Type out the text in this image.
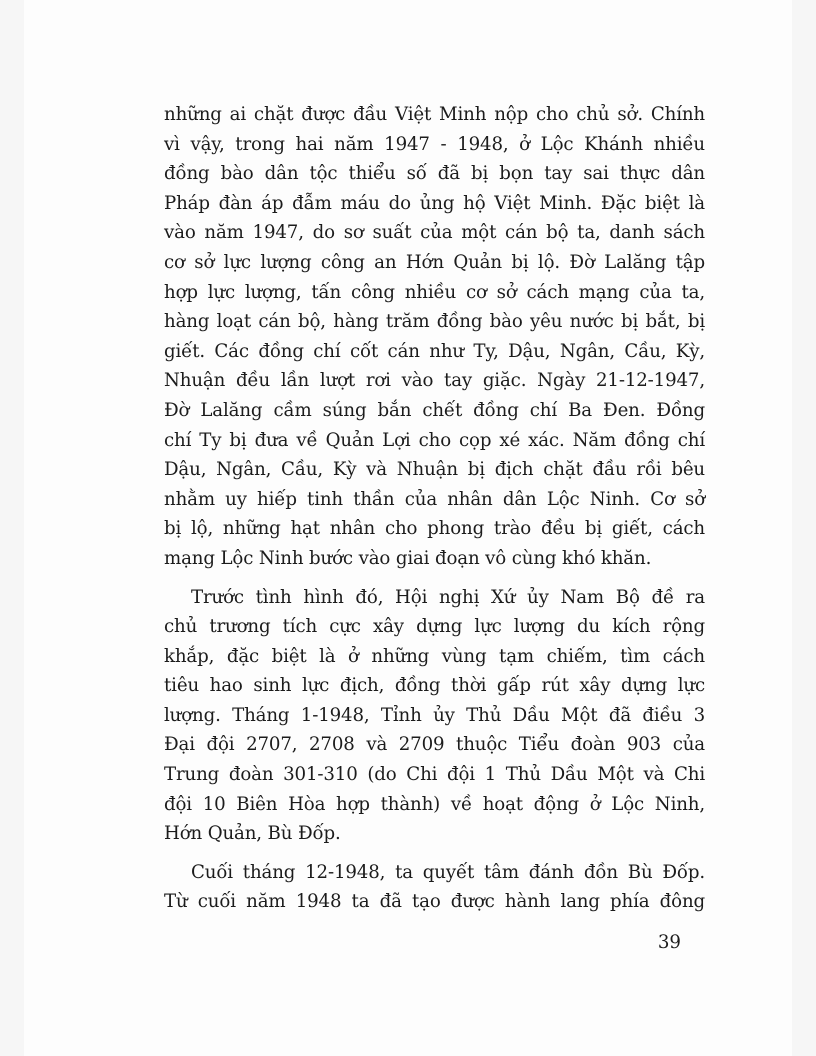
những ai chặt được đầu Việt Minh nộp cho chủ sở. Chính
vì vậy, trong hai năm 1947 - 1948, ở Lộc Khánh nhiều
đồng bào dân tộc thiểu số đã bị bọn tay sai thực dân
Pháp đàn áp đẫm máu do ủng hộ Việt Minh. Đặc biệt là
vào năm 1947, do sơ suất của một cán bộ ta, danh sách
cơ sở lực lượng công an Hớn Quản bị lộ. Đờ Lalăng tập
hợp lực lượng, tấn công nhiều cơ sở cách mạng của ta,
hàng loạt cán bộ, hàng trăm đồng bào yêu nước bị bắt, bị
giết. Các đồng chí cốt cán như Ty, Dậu, Ngân, Cầu, Kỳ,
Nhuận đều lần lượt rơi vào tay giặc. Ngày 21-12-1947,
Đờ Lalăng cầm súng bắn chết đồng chí Ba Đen. Đồng
chí Ty bị đưa về Quản Lợi cho cọp xé xác. Năm đồng chí
Dậu, Ngân, Cầu, Kỳ và Nhuận bị địch chặt đầu rồi bêu
nhằm uy hiếp tinh thần của nhân dân Lộc Ninh. Cơ sở
bị lộ, những hạt nhân cho phong trào đều bị giết, cách
mạng Lộc Ninh bước vào giai đoạn vô cùng khó khăn.
Trước tình hình đó, Hội nghị Xứ ủy Nam Bộ đề ra
chủ trương tích cực xây dựng lực lượng du kích rộng
khắp, đặc biệt là ở những vùng tạm chiếm, tìm cách
tiêu hao sinh lực địch, đồng thời gấp rút xây dựng lực
lượng. Tháng 1-1948, Tỉnh ủy Thủ Dầu Một đã điều 3
Đại đội 2707, 2708 và 2709 thuộc Tiểu đoàn 903 của
Trung đoàn 301-310 (do Chi đội 1 Thủ Dầu Một và Chi
đội 10 Biên Hòa hợp thành) về hoạt động ở Lộc Ninh,
Hớn Quản, Bù Đốp.
Cuối tháng 12-1948, ta quyết tâm đánh đồn Bù Đốp.
Từ cuối năm 1948 ta đã tạo được hành lang phía đông
39
